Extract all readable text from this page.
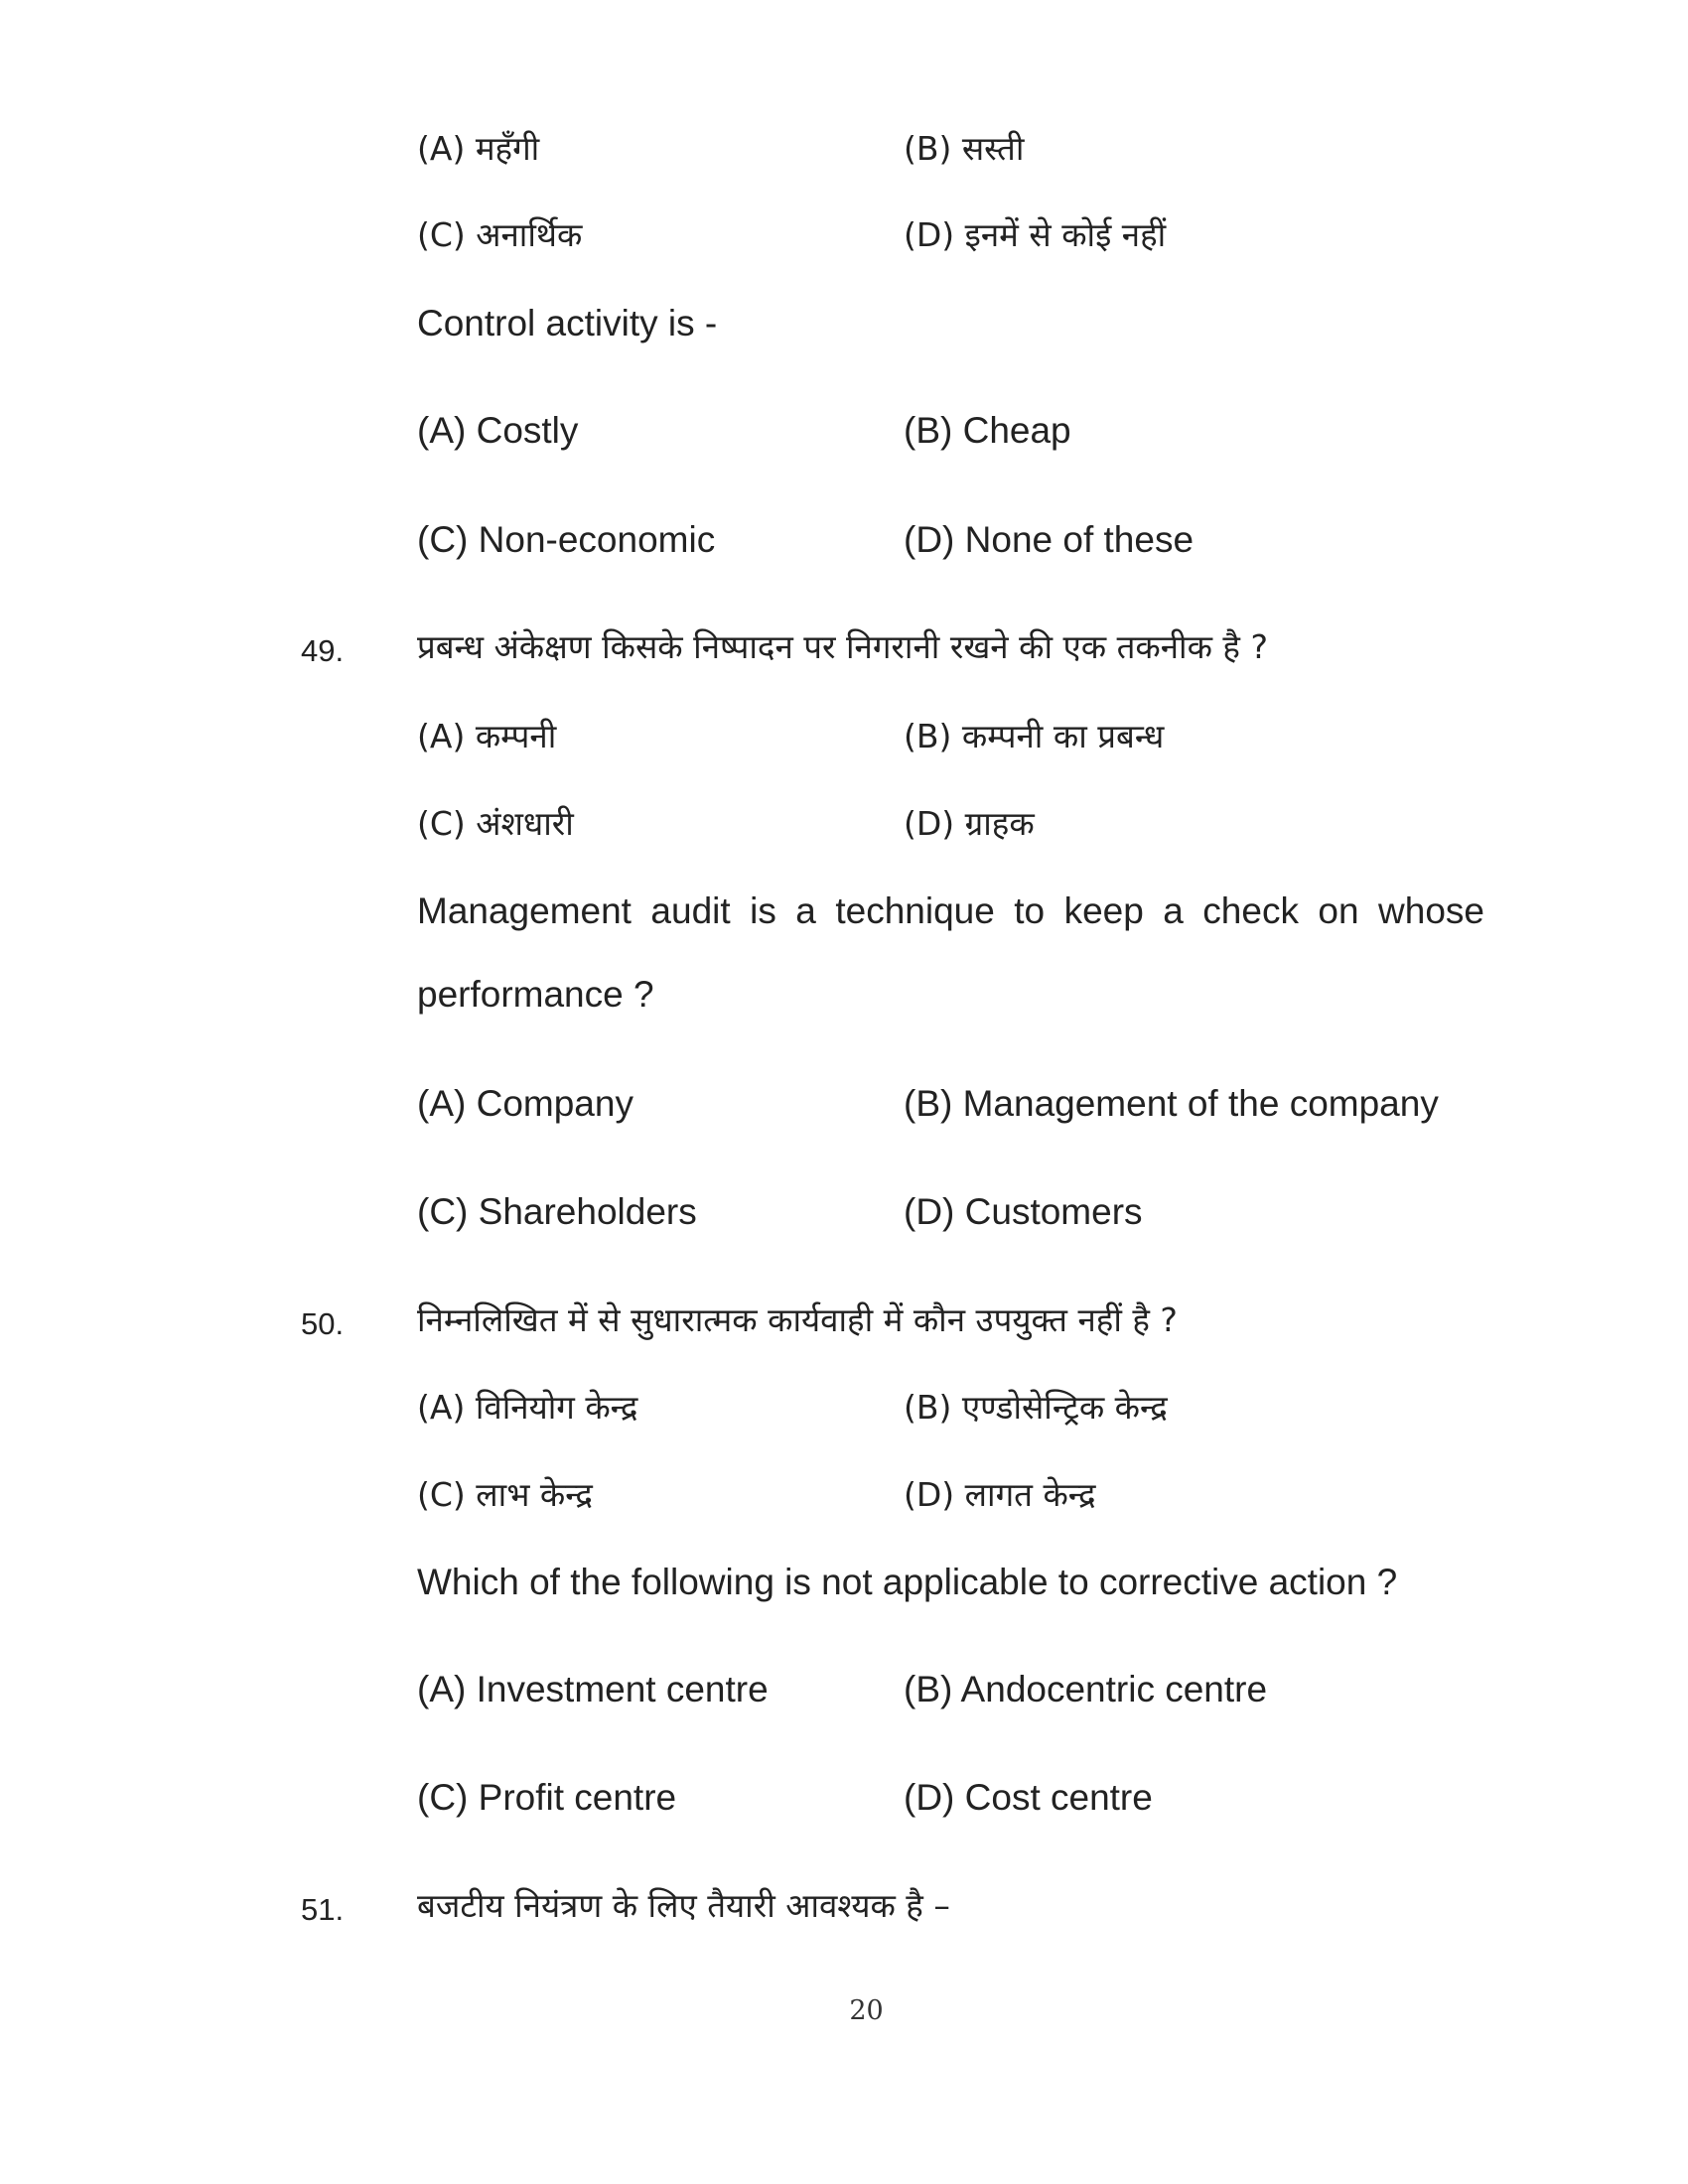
(A) महँगी	(B) सस्ती
(C) अनार्थिक	(D) इनमें से कोई नहीं
Control activity is -
(A) Costly	(B) Cheap
(C) Non-economic	(D) None of these
49. प्रबन्ध अंकेक्षण किसके निष्पादन पर निगरानी रखने की एक तकनीक है ?
(A) कम्पनी	(B) कम्पनी का प्रबन्ध
(C) अंशधारी	(D) ग्राहक
Management audit is a technique to keep a check on whose
performance ?
(A) Company	(B) Management of the company
(C) Shareholders	(D) Customers
50. निम्नलिखित में से सुधारात्मक कार्यवाही में कौन उपयुक्त नहीं है ?
(A) विनियोग केन्द्र	(B) एण्डोसेन्ट्रिक केन्द्र
(C) लाभ केन्द्र	(D) लागत केन्द्र
Which of the following is not applicable to corrective action ?
(A) Investment centre	(B) Andocentric centre
(C) Profit centre	(D) Cost centre
51. बजटीय नियंत्रण के लिए तैयारी आवश्यक है –
20
